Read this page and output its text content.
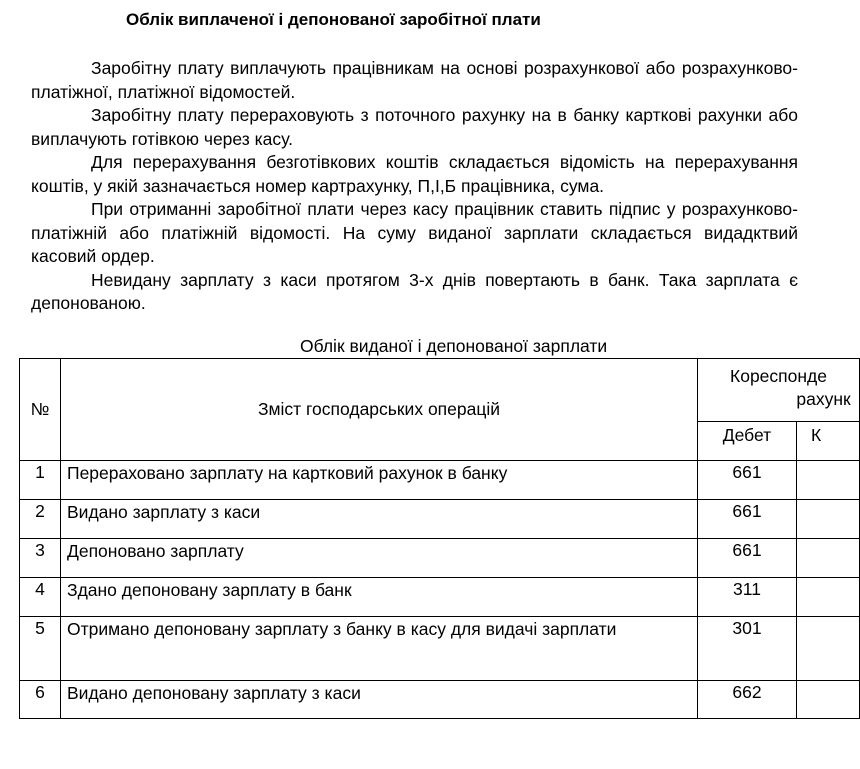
Облік виплаченої і депонованої заробітної плати

Заробітну плату виплачують працівникам на основі розрахункової або розрахунково-платіжної, платіжної відомостей.

Заробітну плату перераховують з поточного рахунку на в банку карткові рахунки або виплачують готівкою через касу.

Для перерахування безготівкових коштів складається відомість на перерахування коштів, у якій зазначається номер картрахунку, П,І,Б працівника, сума.

При отриманні заробітної плати через касу працівник ставить підпис у розрахунково-платіжній або платіжній відомості. На суму виданої зарплати складається видадктвий касовий ордер.

Невидану зарплату з каси протягом 3-х днів повертають в банк. Така зарплата є депонованою.

Облік виданої і депонованої зарплати
№	Зміст господарських операцій	Кореспонде
рахунк	

		Дебет	К
1	Перераховано зарплату на картковий рахунок в банку	661	
2	Видано зарплату з каси	661	
3	Депоновано зарплату	661	
4	Здано депоновану зарплату в банк	311	
5	Отримано депоновану зарплату з банку в касу для видачі зарплати	301	
6	Видано депоновану зарплату з каси	662	
